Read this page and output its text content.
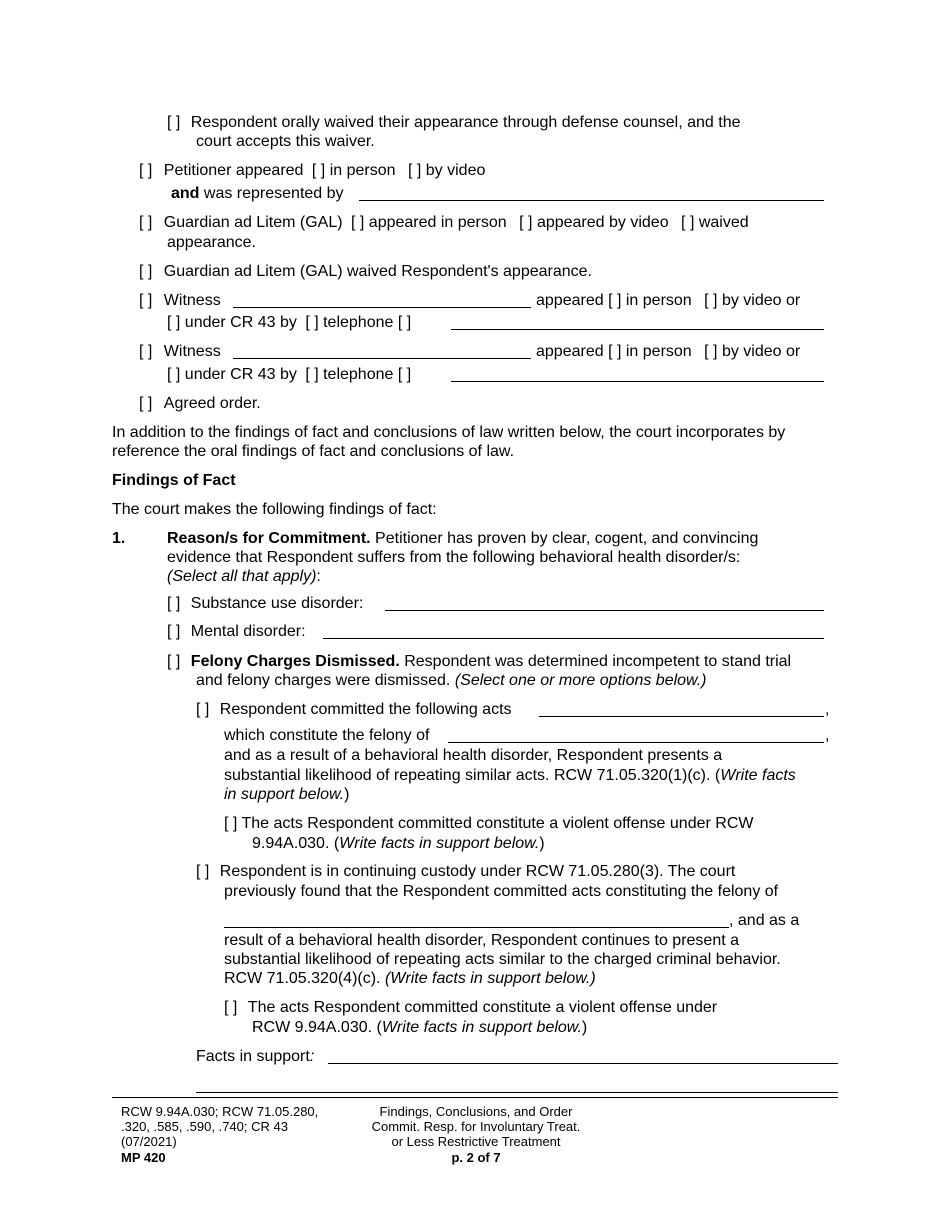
[ ] Respondent orally waived their appearance through defense counsel, and the
court accepts this waiver.
[ ] Petitioner appeared [ ] in person [ ] by video
and was represented by
[ ] Guardian ad Litem (GAL) [ ] appeared in person [ ] appeared by video [ ] waived
appearance.
[ ] Guardian ad Litem (GAL) waived Respondent's appearance.
[ ] Witness	appeared [ ] in person [ ] by video or
[ ] under CR 43 by [ ] telephone [ ]
[ ] Witness	appeared [ ] in person [ ] by video or
[ ] under CR 43 by [ ] telephone [ ]
[ ] Agreed order.
In addition to the findings of fact and conclusions of law written below, the court incorporates by
reference the oral findings of fact and conclusions of law.
Findings of Fact
The court makes the following findings of fact:
1.	Reason/s for Commitment. Petitioner has proven by clear, cogent, and convincing
evidence that Respondent suffers from the following behavioral health disorder/s:
(Select all that apply):
[ ] Substance use disorder:
[ ] Mental disorder:
[ ] Felony Charges Dismissed. Respondent was determined incompetent to stand trial
and felony charges were dismissed. (Select one or more options below.)
[ ] Respondent committed the following acts	,
which constitute the felony of	,
and as a result of a behavioral health disorder, Respondent presents a
substantial likelihood of repeating similar acts. RCW 71.05.320(1)(c). (Write facts
in support below.)
[ ] The acts Respondent committed constitute a violent offense under RCW
9.94A.030. (Write facts in support below.)
[ ] Respondent is in continuing custody under RCW 71.05.280(3). The court
previously found that the Respondent committed acts constituting the felony of
, and as a
result of a behavioral health disorder, Respondent continues to present a
substantial likelihood of repeating acts similar to the charged criminal behavior.
RCW 71.05.320(4)(c). (Write facts in support below.)
[ ] The acts Respondent committed constitute a violent offense under
RCW 9.94A.030. (Write facts in support below.)
Facts in support:
RCW 9.94A.030; RCW 71.05.280,
.320, .585, .590, .740; CR 43
(07/2021)
MP 420
Findings, Conclusions, and Order
Commit. Resp. for Involuntary Treat.
or Less Restrictive Treatment
p. 2 of 7
